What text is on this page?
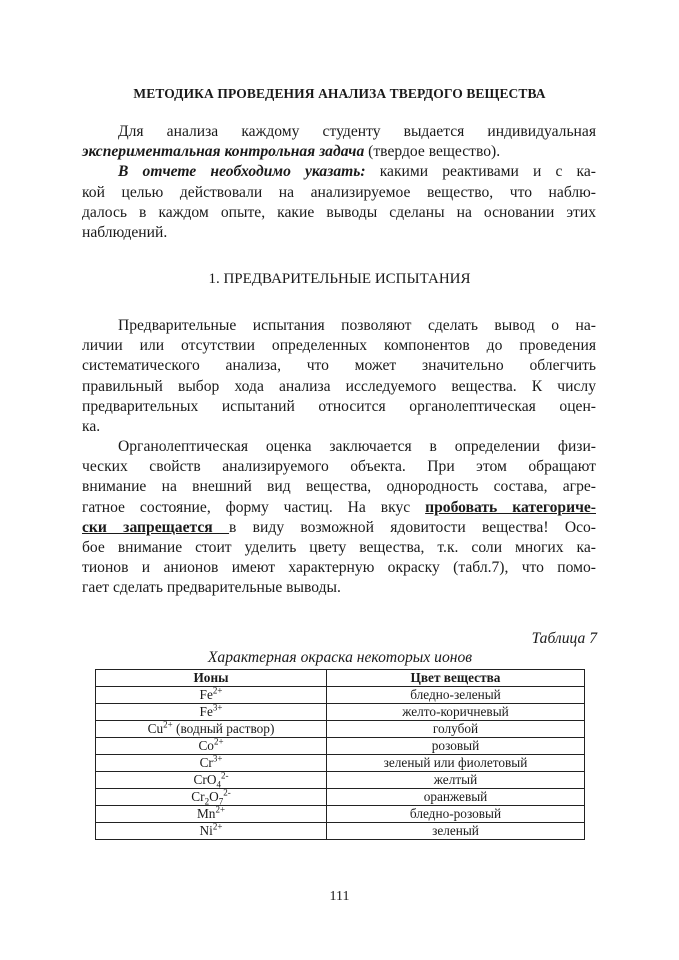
МЕТОДИКА ПРОВЕДЕНИЯ АНАЛИЗА ТВЕРДОГО ВЕЩЕСТВА
Для анализа каждому студенту выдается индивидуальная
экспериментальная контрольная задача (твердое вещество).
В отчете необходимо указать: какими реактивами и с ка-
кой целью действовали на анализируемое вещество, что наблю-
далось в каждом опыте, какие выводы сделаны на основании этих
наблюдений.
1. ПРЕДВАРИТЕЛЬНЫЕ ИСПЫТАНИЯ
Предварительные испытания позволяют сделать вывод о на-
личии или отсутствии определенных компонентов до проведения
систематического анализа, что может значительно облегчить
правильный выбор хода анализа исследуемого вещества. К числу
предварительных испытаний относится органолептическая оцен-
ка.
Органолептическая оценка заключается в определении физи-
ческих свойств анализируемого объекта. При этом обращают
внимание на внешний вид вещества, однородность состава, агре-
гатное состояние, форму частиц. На вкус пробовать категориче-
ски запрещается в виду возможной ядовитости вещества! Осо-
бое внимание стоит уделить цвету вещества, т.к. соли многих ка-
тионов и анионов имеют характерную окраску (табл.7), что помо-
гает сделать предварительные выводы.
Таблица 7
Характерная окраска некоторых ионов
Ионы	Цвет вещества
$Fe^{2+}$	бледно-зеленый
$Fe^{3+}$	желто-коричневый
$Cu^{2+}$ (водный раствор)	голубой
$Co^{2+}$	розовый
$Cr^{3+}$	зеленый или фиолетовый
CrO$_4^{2-}$	желтый
$Cr_2O_7^{2-}$	оранжевый
$Mn^{2+}$	бледно-розовый
$Ni^{2+}$	зеленый
111
